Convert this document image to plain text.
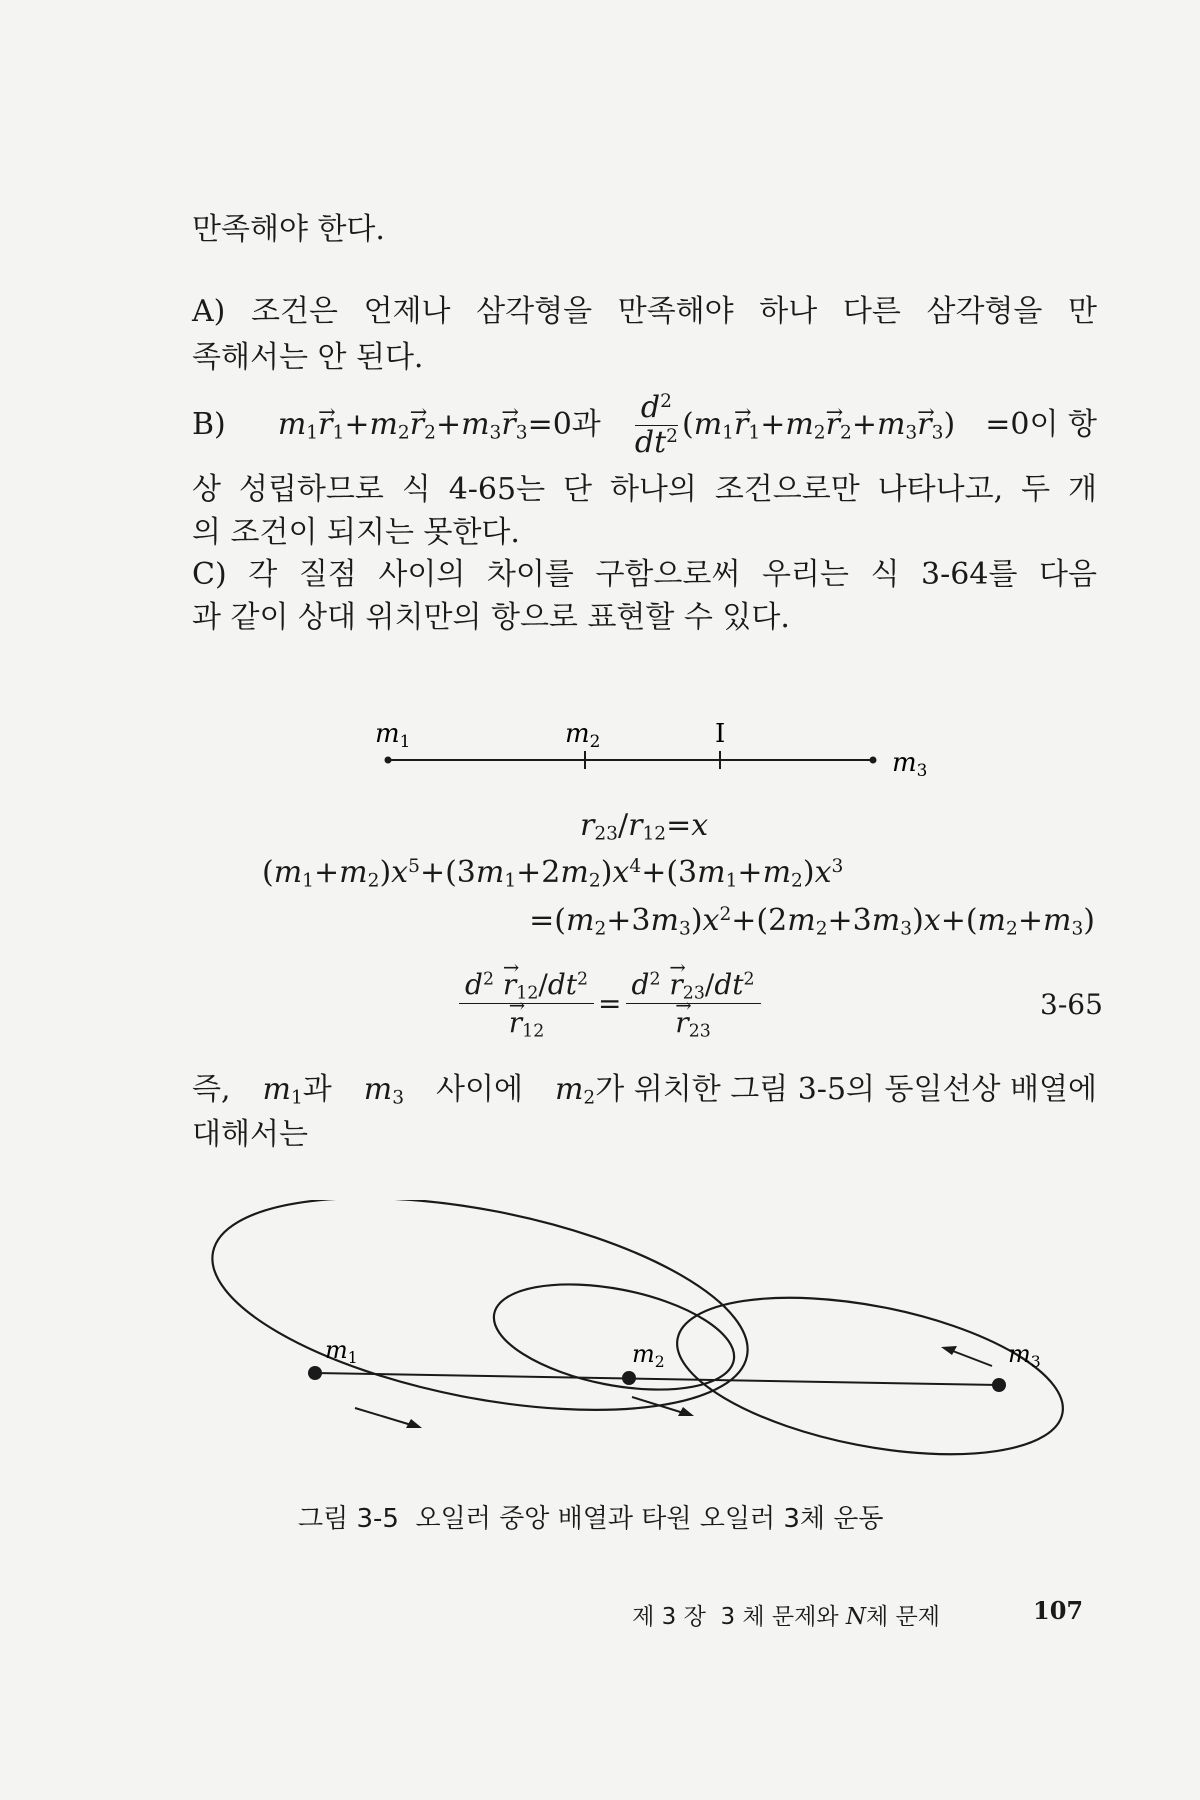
만족해야 한다.
A) 조건은 언제나 삼각형을 만족해야 하나 다른 삼각형을 만
족해서는 안 된다.
B) $m_1\to r_1+m_2\to r_2+m_3\to r_3=0$과 $\frac{d^2}{dt^2} (m_1\to r_1+m_2\to r_2+m_3\to r_3) =0$이 항
상 성립하므로 식 4-65는 단 하나의 조건으로만 나타나고, 두 개
의 조건이 되지는 못한다.
C) 각 질점 사이의 차이를 구함으로써 우리는 식 3-64를 다음
과 같이 상대 위치만의 항으로 표현할 수 있다.
m1	m2	I
m3
$r_{23}/r_{12}=x$
$(m_1+m_2)x^5+(3m_1+2m_2)x^4+(3m_1+m_2)x^3$
$=(m_2+3m_3)x^2+(2m_2+3m_3)x+(m_2+m_3)$
$d^2 \to r_{12}/dt^2$
→ $r_{12} = d^2 \to r_{23}/dt^2$
→ $r_{23}$	3-65
즉, $m_1$과 $m_3$ 사이에 $m_2$가 위치한 그림 3-5의 동일선상 배열에
대해서는
$m_1$	$m_2$	$m_3$
그림 3-5  오일러 중앙 배열과 타원 오일러 3체 운동
제 3 장  3 체 문제와 N체 문제	107
